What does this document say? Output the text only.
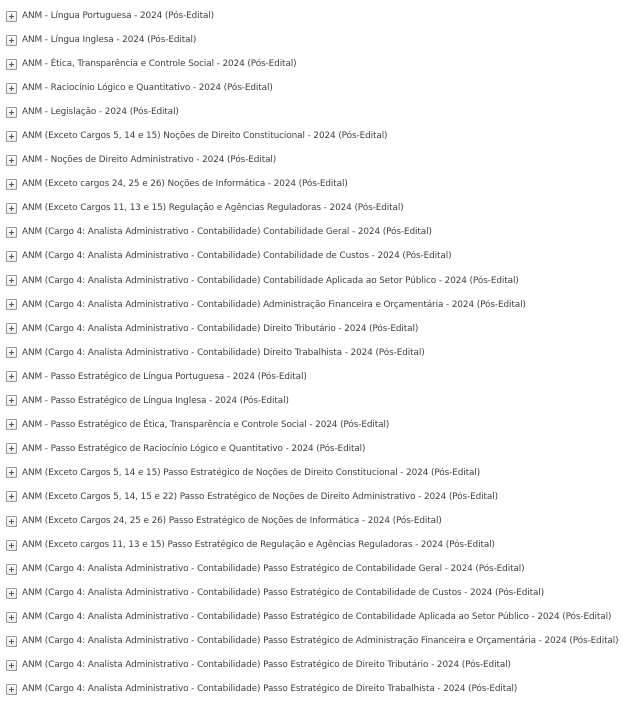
ANM - Língua Portuguesa - 2024 (Pós-Edital)
ANM - Língua Inglesa - 2024 (Pós-Edital)
ANM - Ética, Transparência e Controle Social - 2024 (Pós-Edital)
ANM - Raciocínio Lógico e Quantitativo - 2024 (Pós-Edital)
ANM - Legislação - 2024 (Pós-Edital)
ANM (Exceto Cargos 5, 14 e 15) Noções de Direito Constitucional - 2024 (Pós-Edital)
ANM - Noções de Direito Administrativo - 2024 (Pós-Edital)
ANM (Exceto cargos 24, 25 e 26) Noções de Informática - 2024 (Pós-Edital)
ANM (Exceto Cargos 11, 13 e 15) Regulação e Agências Reguladoras - 2024 (Pós-Edital)
ANM (Cargo 4: Analista Administrativo - Contabilidade) Contabilidade Geral - 2024 (Pós-Edital)
ANM (Cargo 4: Analista Administrativo - Contabilidade) Contabilidade de Custos - 2024 (Pós-Edital)
ANM (Cargo 4: Analista Administrativo - Contabilidade) Contabilidade Aplicada ao Setor Público - 2024 (Pós-Edital)
ANM (Cargo 4: Analista Administrativo - Contabilidade) Administração Financeira e Orçamentária - 2024 (Pós-Edital)
ANM (Cargo 4: Analista Administrativo - Contabilidade) Direito Tributário - 2024 (Pós-Edital)
ANM (Cargo 4: Analista Administrativo - Contabilidade) Direito Trabalhista - 2024 (Pós-Edital)
ANM - Passo Estratégico de Língua Portuguesa - 2024 (Pós-Edital)
ANM - Passo Estratégico de Língua Inglesa - 2024 (Pós-Edital)
ANM - Passo Estratégico de Ética, Transparência e Controle Social - 2024 (Pós-Edital)
ANM - Passo Estratégico de Raciocínio Lógico e Quantitativo - 2024 (Pós-Edital)
ANM (Exceto Cargos 5, 14 e 15) Passo Estratégico de Noções de Direito Constitucional - 2024 (Pós-Edital)
ANM (Exceto Cargos 5, 14, 15 e 22) Passo Estratégico de Noções de Direito Administrativo - 2024 (Pós-Edital)
ANM (Exceto Cargos 24, 25 e 26) Passo Estratégico de Noções de Informática - 2024 (Pós-Edital)
ANM (Exceto cargos 11, 13 e 15) Passo Estratégico de Regulação e Agências Reguladoras - 2024 (Pós-Edital)
ANM (Cargo 4: Analista Administrativo - Contabilidade) Passo Estratégico de Contabilidade Geral - 2024 (Pós-Edital)
ANM (Cargo 4: Analista Administrativo - Contabilidade) Passo Estratégico de Contabilidade de Custos - 2024 (Pós-Edital)
ANM (Cargo 4: Analista Administrativo - Contabilidade) Passo Estratégico de Contabilidade Aplicada ao Setor Público - 2024 (Pós-Edital)
ANM (Cargo 4: Analista Administrativo - Contabilidade) Passo Estratégico de Administração Financeira e Orçamentária - 2024 (Pós-Edital)
ANM (Cargo 4: Analista Administrativo - Contabilidade) Passo Estratégico de Direito Tributário - 2024 (Pós-Edital)
ANM (Cargo 4: Analista Administrativo - Contabilidade) Passo Estratégico de Direito Trabalhista - 2024 (Pós-Edital)
